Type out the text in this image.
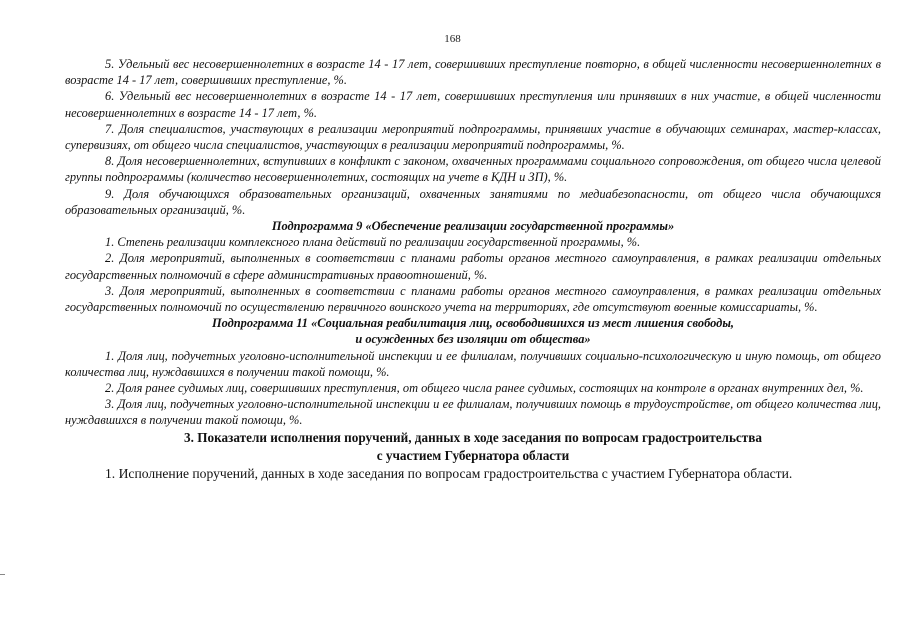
168

5. Удельный вес несовершеннолетних в возрасте 14 - 17 лет, совершивших преступление повторно, в общей численности несовершеннолетних в возрасте 14 - 17 лет, совершивших преступление, %.

6. Удельный вес несовершеннолетних в возрасте 14 - 17 лет, совершивших преступления или принявших в них участие, в общей численности несовершеннолетних в возрасте 14 - 17 лет, %.

7. Доля специалистов, участвующих в реализации мероприятий подпрограммы, принявших участие в обучающих семинарах, мастер-классах, супервизиях, от общего числа специалистов, участвующих в реализации мероприятий подпрограммы, %.

8. Доля несовершеннолетних, вступивших в конфликт с законом, охваченных программами социального сопровождения, от общего числа целевой группы подпрограммы (количество несовершеннолетних, состоящих на учете в КДН и ЗП), %.

9. Доля обучающихся образовательных организаций, охваченных занятиями по медиабезопасности, от общего числа обучающихся образовательных организаций, %.

Подпрограмма 9 «Обеспечение реализации государственной программы»

1. Степень реализации комплексного плана действий по реализации государственной программы, %.

2. Доля мероприятий, выполненных в соответствии с планами работы органов местного самоуправления, в рамках реализации отдельных государственных полномочий в сфере административных правоотношений, %.

3. Доля мероприятий, выполненных в соответствии с планами работы органов местного самоуправления, в рамках реализации отдельных государственных полномочий по осуществлению первичного воинского учета на территориях, где отсутствуют военные комиссариаты, %.

Подпрограмма 11 «Социальная реабилитация лиц, освободившихся из мест лишения свободы,

и осужденных без изоляции от общества»

1. Доля лиц, подучетных уголовно-исполнительной инспекции и ее филиалам, получивших социально-психологическую и иную помощь, от общего количества лиц, нуждавшихся в получении такой помощи, %.

2. Доля ранее судимых лиц, совершивших преступления, от общего числа ранее судимых, состоящих на контроле в органах внутренних дел, %.

3. Доля лиц, подучетных уголовно-исполнительной инспекции и ее филиалам, получивших помощь в трудоустройстве, от общего количества лиц, нуждавшихся в получении такой помощи, %.

3. Показатели исполнения поручений, данных в ходе заседания по вопросам градостроительства

с участием Губернатора области

1. Исполнение поручений, данных в ходе заседания по вопросам градостроительства с участием Губернатора области.
